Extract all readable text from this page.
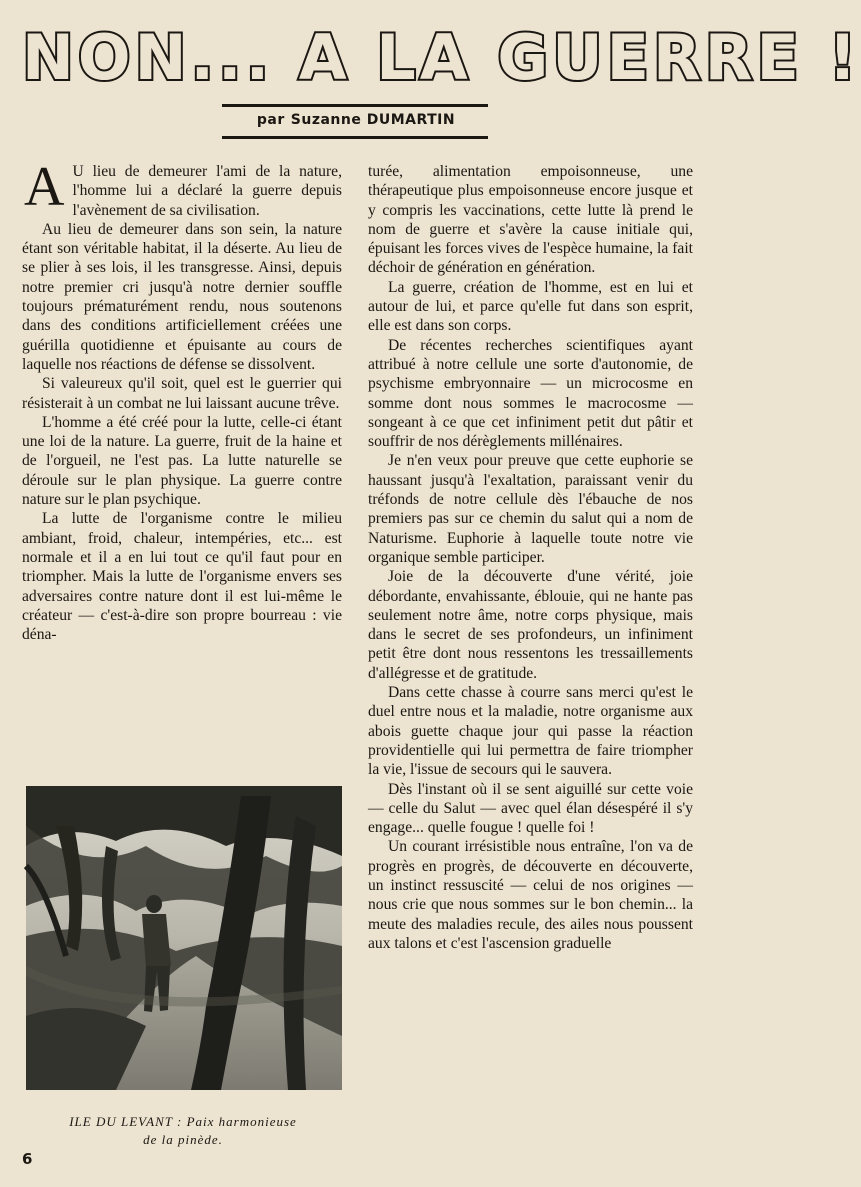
NON... A LA GUERRE !
par Suzanne DUMARTIN

A U lieu de demeurer l'ami de la nature, l'homme lui a déclaré la guerre depuis l'avènement de sa civilisation.

Au lieu de demeurer dans son sein, la nature étant son véritable habitat, il la déserte. Au lieu de se plier à ses lois, il les transgresse. Ainsi, depuis notre premier cri jusqu'à notre dernier souffle toujours prématurément rendu, nous soutenons dans des conditions artificiellement créées une guérilla quotidienne et épuisante au cours de laquelle nos réactions de défense se dissolvent.

Si valeureux qu'il soit, quel est le guerrier qui résisterait à un combat ne lui laissant aucune trêve.

L'homme a été créé pour la lutte, celle-ci étant une loi de la nature. La guerre, fruit de la haine et de l'orgueil, ne l'est pas. La lutte naturelle se déroule sur le plan physique. La guerre contre nature sur le plan psychique.

La lutte de l'organisme contre le milieu ambiant, froid, chaleur, intempéries, etc... est normale et il a en lui tout ce qu'il faut pour en triompher. Mais la lutte de l'organisme envers ses adversaires contre nature dont il est lui-même le créateur — c'est-à-dire son propre bourreau : vie déna-

turée, alimentation empoisonneuse, une thérapeutique plus empoisonneuse encore jusque et y compris les vaccinations, cette lutte là prend le nom de guerre et s'avère la cause initiale qui, épuisant les forces vives de l'espèce humaine, la fait déchoir de génération en génération.

La guerre, création de l'homme, est en lui et autour de lui, et parce qu'elle fut dans son esprit, elle est dans son corps.

De récentes recherches scientifiques ayant attribué à notre cellule une sorte d'autonomie, de psychisme embryonnaire — un microcosme en somme dont nous sommes le macrocosme — songeant à ce que cet infiniment petit dut pâtir et souffrir de nos dérèglements millénaires.

Je n'en veux pour preuve que cette euphorie se haussant jusqu'à l'exaltation, paraissant venir du tréfonds de notre cellule dès l'ébauche de nos premiers pas sur ce chemin du salut qui a nom de Naturisme. Euphorie à laquelle toute notre vie organique semble participer.

Joie de la découverte d'une vérité, joie débordante, envahissante, éblouie, qui ne hante pas seulement notre âme, notre corps physique, mais dans le secret de ses profondeurs, un infiniment petit être dont nous ressentons les tressaillements d'allégresse et de gratitude.

Dans cette chasse à courre sans merci qu'est le duel entre nous et la maladie, notre organisme aux abois guette chaque jour qui passe la réaction providentielle qui lui permettra de faire triompher la vie, l'issue de secours qui le sauvera.

Dès l'instant où il se sent aiguillé sur cette voie — celle du Salut — avec quel élan désespéré il s'y engage... quelle fougue ! quelle foi !

Un courant irrésistible nous entraîne, l'on va de progrès en progrès, de découverte en découverte, un instinct ressuscité — celui de nos origines — nous crie que nous sommes sur le bon chemin... la meute des maladies recule, des ailes nous poussent aux talons et c'est l'ascension graduelle

ILE DU LEVANT : Paix harmonieuse
de la pinède.
6
